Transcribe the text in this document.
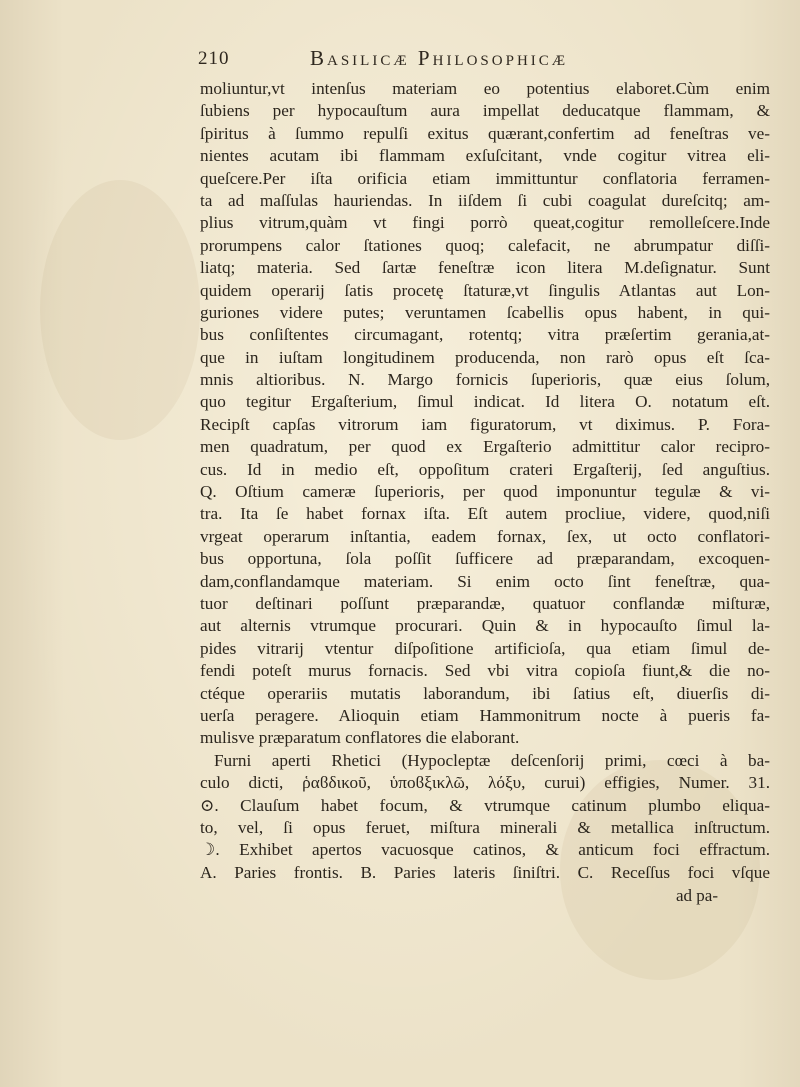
210	Basilicæ Philosophicæ
moliuntur,vt intenſus materiam eo potentius elaboret.Cùm enim
ſubiens per hypocauſtum aura impellat deducatque flammam, &
ſpiritus à ſummo repulſi exitus quærant,confertim ad feneſtras ve-
nientes acutam ibi flammam exſuſcitant, vnde cogitur vitrea eli-
queſcere.Per iſta orificia etiam immittuntur conflatoria ferramen-
ta ad maſſulas hauriendas. In iiſdem ſi cubi coagulat dureſcitq; am-
plius vitrum,quàm vt fingi porrò queat,cogitur remolleſcere.Inde
prorumpens calor ſtationes quoq; calefacit, ne abrumpatur diſſi-
liatq; materia. Sed ſartæ feneſtræ icon litera M.deſignatur. Sunt
quidem operarij ſatis procetę ſtaturæ,vt ſingulis Atlantas aut Lon-
guriones videre putes; veruntamen ſcabellis opus habent, in qui-
bus conſiſtentes circumagant, rotentq; vitra præſertim gerania,at-
que in iuſtam longitudinem producenda, non rarò opus eſt ſca-
mnis altioribus. N. Margo fornicis ſuperioris, quæ eius ſolum,
quo tegitur Ergaſterium, ſimul indicat. Id litera O. notatum eſt.
Recipſt capſas vitrorum iam figuratorum, vt diximus. P. Fora-
men quadratum, per quod ex Ergaſterio admittitur calor recipro-
cus. Id in medio eſt, oppoſitum crateri Ergaſterij, ſed anguſtius.
Q. Oſtium cameræ ſuperioris, per quod imponuntur tegulæ & vi-
tra. Ita ſe habet fornax iſta. Eſt autem procliue, videre, quod,niſi
vrgeat operarum inſtantia, eadem fornax, ſex, ut octo conflatori-
bus opportuna, ſola poſſit ſufficere ad præparandam, excoquen-
dam,conflandamque materiam. Si enim octo ſint feneſtræ, qua-
tuor deſtinari poſſunt præparandæ, quatuor conflandæ miſturæ,
aut alternis vtrumque procurari. Quin & in hypocauſto ſimul la-
pides vitrarij vtentur diſpoſitione artificioſa, qua etiam ſimul de-
fendi poteſt murus fornacis. Sed vbi vitra copioſa fiunt,& die no-
ctéque operariis mutatis laborandum, ibi ſatius eſt, diuerſis di-
uerſa peragere. Alioquin etiam Hammonitrum nocte à pueris fa-
mulisve præparatum conflatores die elaborant.
Furni aperti Rhetici (Hypocleptæ deſcenſorij primi, cœci à ba-
culo dicti, ῥαϐδικοῦ, ὑποϐξικλῶ, λόξυ, curui) effigies, Numer. 31.
⊙. Clauſum habet focum, & vtrumque catinum plumbo eliqua-
to, vel, ſi opus feruet, miſtura minerali & metallica inſtructum.
☽. Exhibet apertos vacuosque catinos, & anticum foci effractum.
A. Paries frontis. B. Paries lateris ſiniſtri. C. Receſſus foci vſque
ad pa-
